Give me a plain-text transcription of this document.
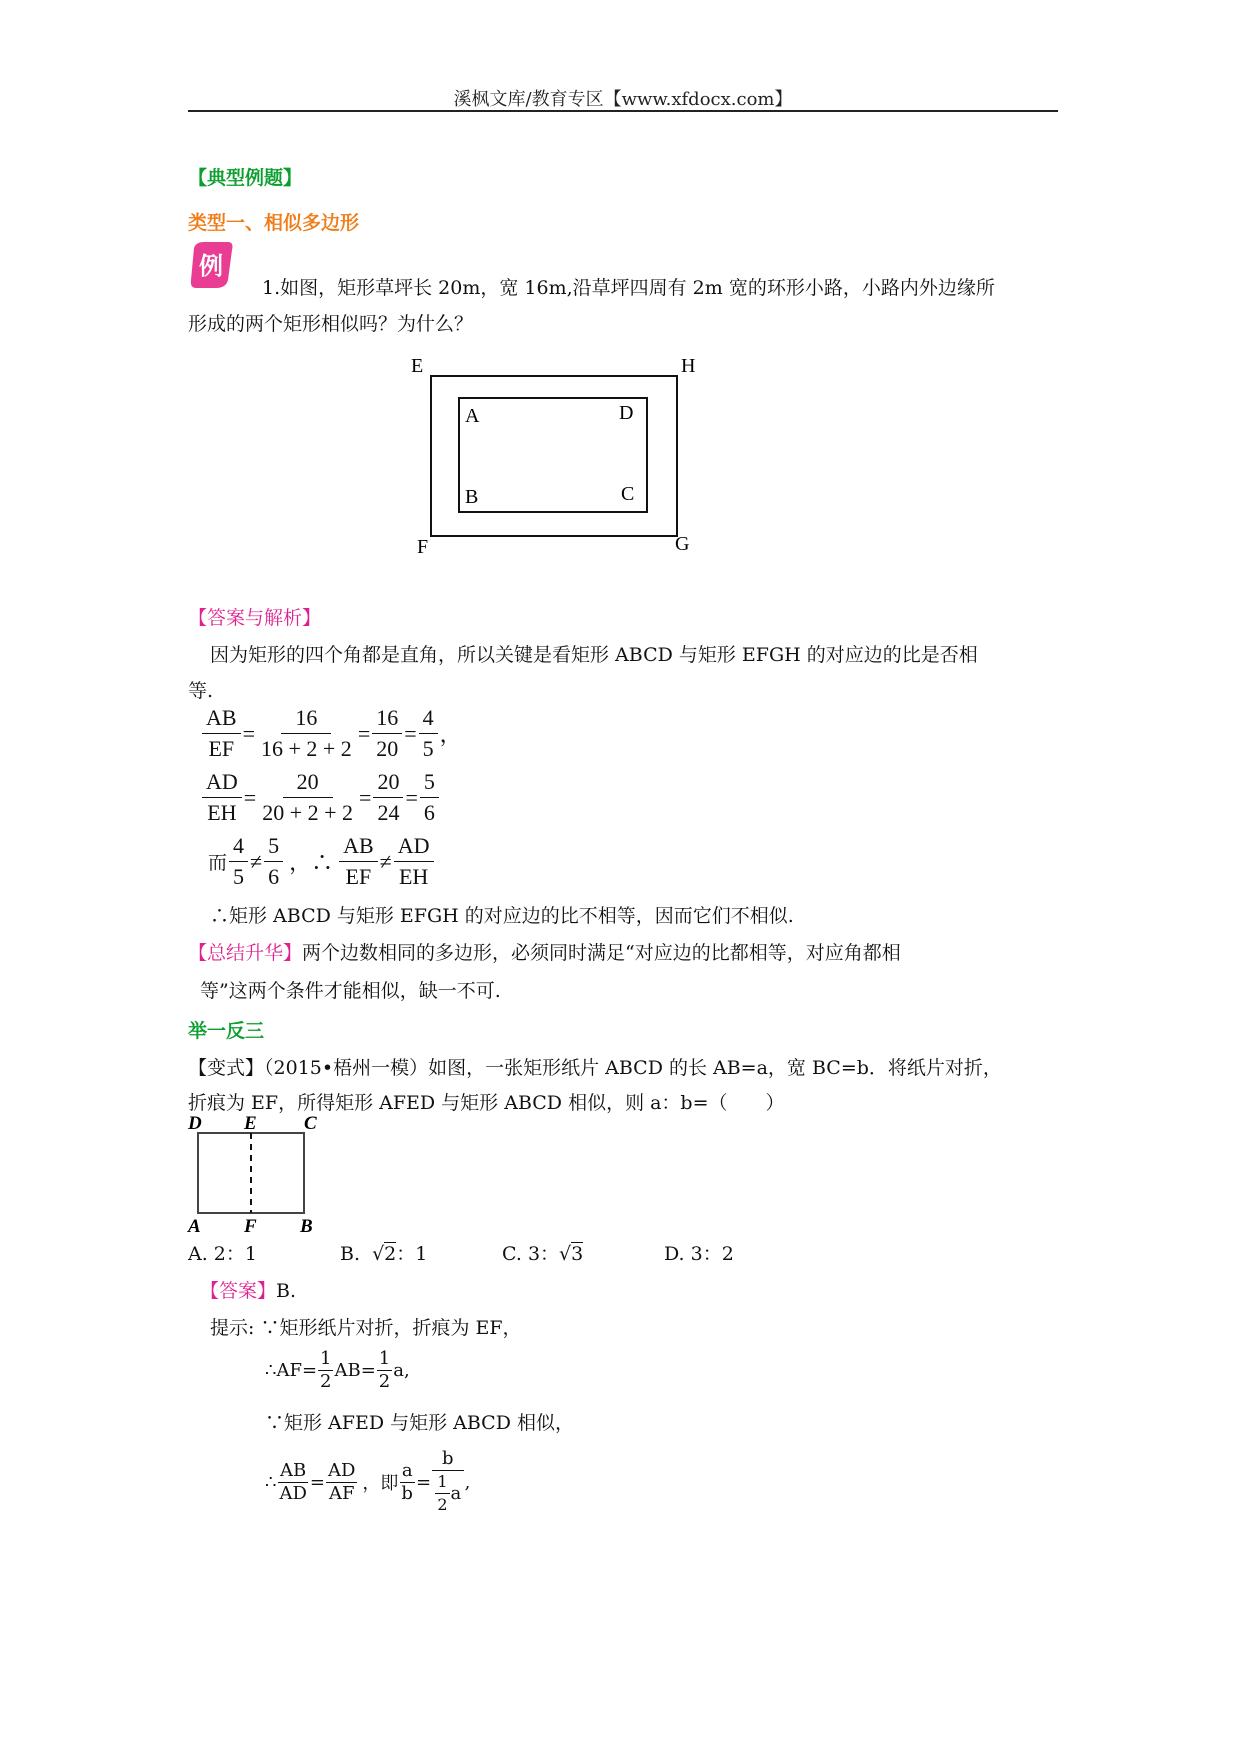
溪枫文库/教育专区【www.xfdocx.com】
【典型例题】
类型一、相似多边形
例
1.如图，矩形草坪长 20m，宽 16m,沿草坪四周有 2m 宽的环形小路，小路内外边缘所
形成的两个矩形相似吗？为什么？
E	H
F	G
A	D
B	C
【答案与解析】
因为矩形的四个角都是直角，所以关键是看矩形 ABCD 与矩形 EFGH 的对应边的比是否相
等.
$\frac{AB}{EF} = \frac{16}{16 + 2 + 2} = \frac{16}{20} = \frac{4}{5}$ ，
$\frac{AD}{EH} = \frac{20}{20 + 2 + 2} = \frac{20}{24} = \frac{5}{6}$
而 $\frac{4}{5} \ne \frac{5}{6}$ ，∴ $\frac{AB}{EF} \ne \frac{AD}{EH}$
∴矩形 ABCD 与矩形 EFGH 的对应边的比不相等，因而它们不相似.
【总结升华】两个边数相同的多边形，必须同时满足“对应边的比都相等，对应角都相
等”这两个条件才能相似，缺一不可.
举一反三
【变式】（2015•梧州一模）如图，一张矩形纸片 ABCD 的长 AB=a，宽 BC=b．将纸片对折，
折痕为 EF，所得矩形 AFED 与矩形 ABCD 相似，则 a：b=（　　）
D E C
A F B
A. 2：1	B. √2：1	C. 3：√3	D. 3：2
【答案】B.
提示: ∵矩形纸片对折，折痕为 EF，
∴AF= $\frac{1}{2} AB= \frac{1}{2} a$,
∵矩形 AFED 与矩形 ABCD 相似，
∴ $\frac{AB}{AD} = \frac{AD}{AF}$ ，即 $\frac{a}{b} = b$
1
2
a ,
